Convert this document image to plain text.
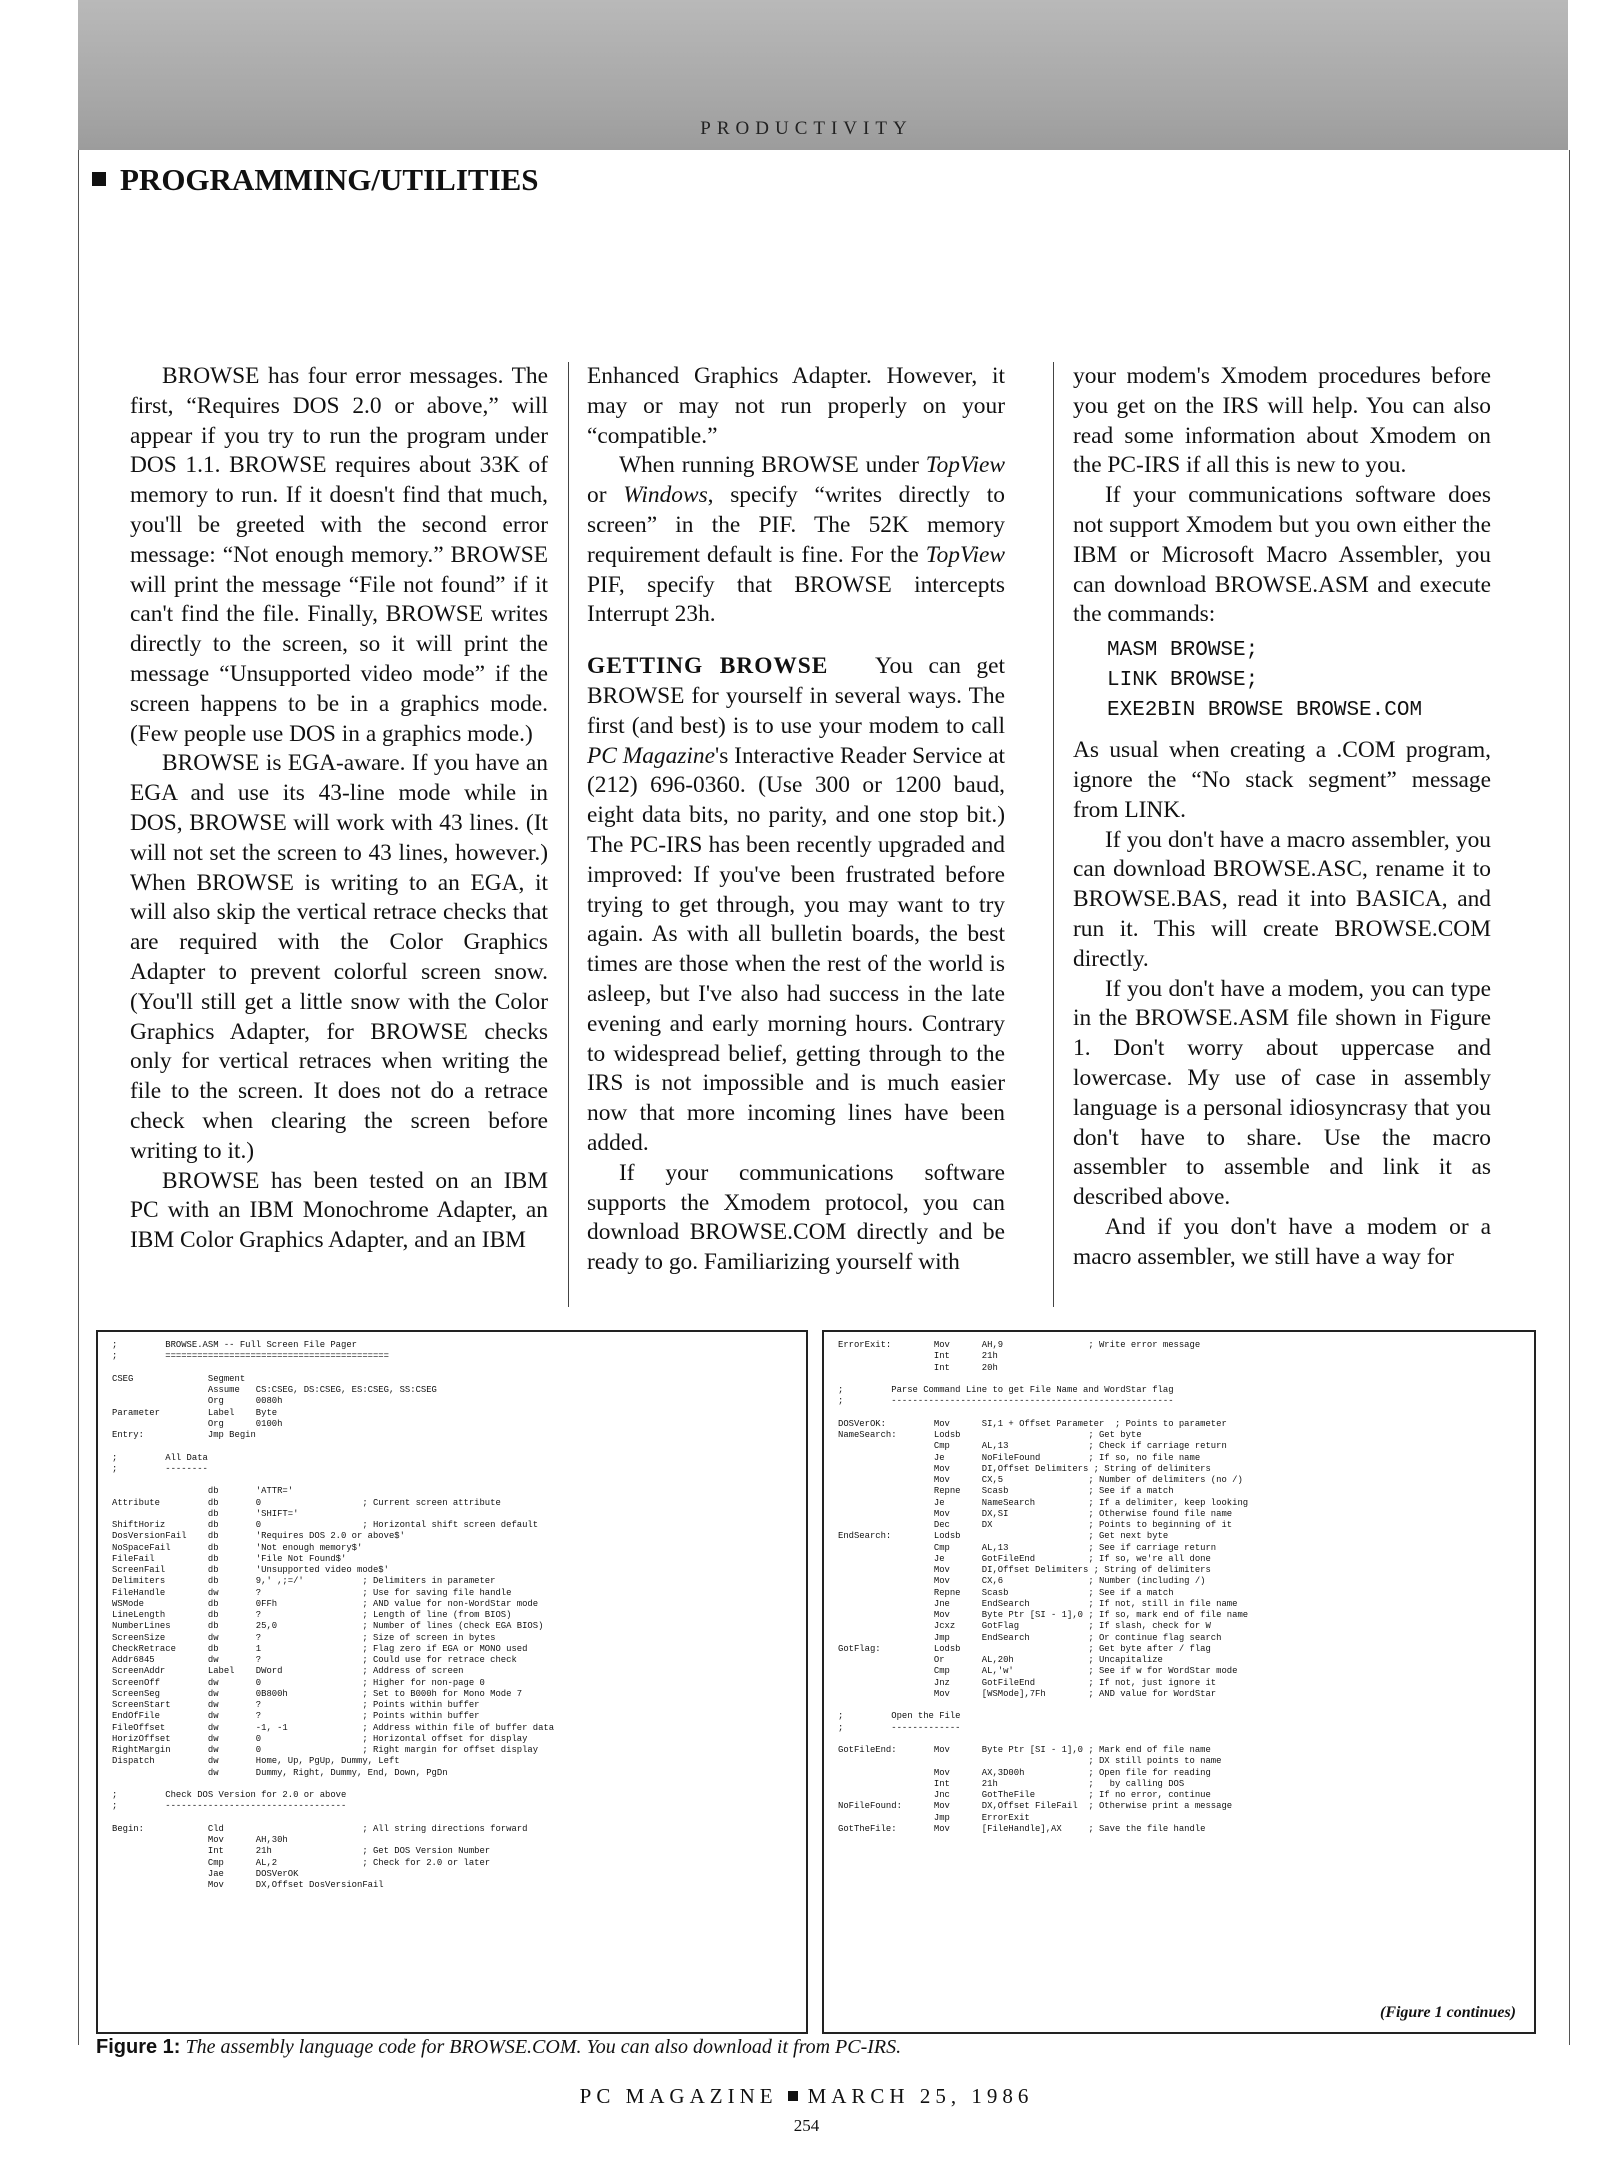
PRODUCTIVITY
PROGRAMMING/UTILITIES

BROWSE has four error messages. The first, “Requires DOS 2.0 or above,” will appear if you try to run the program under DOS 1.1. BROWSE requires about 33K of memory to run. If it doesn't find that much, you'll be greeted with the second error message: “Not enough memory.” BROWSE will print the message “File not found” if it can't find the file. Finally, BROWSE writes directly to the screen, so it will print the message “Unsupported video mode” if the screen happens to be in a graphics mode. (Few people use DOS in a graphics mode.)

BROWSE is EGA-aware. If you have an EGA and use its 43-line mode while in DOS, BROWSE will work with 43 lines. (It will not set the screen to 43 lines, however.) When BROWSE is writing to an EGA, it will also skip the vertical retrace checks that are required with the Color Graphics Adapter to prevent colorful screen snow. (You'll still get a little snow with the Color Graphics Adapter, for BROWSE checks only for vertical retraces when writing the file to the screen. It does not do a retrace check when clearing the screen before writing to it.)

BROWSE has been tested on an IBM PC with an IBM Monochrome Adapter, an IBM Color Graphics Adapter, and an IBM

Enhanced Graphics Adapter. However, it may or may not run properly on your “compatible.”

When running BROWSE under TopView or Windows, specify “writes directly to screen” in the PIF. The 52K memory requirement default is fine. For the TopView PIF, specify that BROWSE intercepts Interrupt 23h.

GETTING BROWSE You can get BROWSE for yourself in several ways. The first (and best) is to use your modem to call PC Magazine's Interactive Reader Service at (212) 696-0360. (Use 300 or 1200 baud, eight data bits, no parity, and one stop bit.) The PC-IRS has been recently upgraded and improved: If you've been frustrated before trying to get through, you may want to try again. As with all bulletin boards, the best times are those when the rest of the world is asleep, but I've also had success in the late evening and early morning hours. Contrary to widespread belief, getting through to the IRS is not impossible and is much easier now that more incoming lines have been added.

If your communications software supports the Xmodem protocol, you can download BROWSE.COM directly and be ready to go. Familiarizing yourself with

your modem's Xmodem procedures before you get on the IRS will help. You can also read some information about Xmodem on the PC-IRS if all this is new to you.

If your communications software does not support Xmodem but you own either the IBM or Microsoft Macro Assembler, you can download BROWSE.ASM and execute the commands:

MASM BROWSE;
LINK BROWSE;
EXE2BIN BROWSE BROWSE.COM

As usual when creating a .COM program, ignore the “No stack segment” message from LINK.

If you don't have a macro assembler, you can download BROWSE.ASC, rename it to BROWSE.BAS, read it into BASICA, and run it. This will create BROWSE.COM directly.

If you don't have a modem, you can type in the BROWSE.ASM file shown in Figure 1. Don't worry about uppercase and lowercase. My use of case in assembly language is a personal idiosyncrasy that you don't have to share. Use the macro assembler to assemble and link it as described above.

And if you don't have a modem or a macro assembler, we still have a way for

;         BROWSE.ASM -- Full Screen File Pager
;         ==========================================

CSEG              Segment
Assume   CS:CSEG, DS:CSEG, ES:CSEG, SS:CSEG
Org      0080h
Parameter         Label    Byte
Org      0100h
Entry:            Jmp Begin

;         All Data
;         --------

db       'ATTR='
Attribute         db       0                   ; Current screen attribute
db       'SHIFT='
ShiftHoriz        db       0                   ; Horizontal shift screen default
DosVersionFail    db       'Requires DOS 2.0 or above$'
NoSpaceFail       db       'Not enough memory$'
FileFail          db       'File Not Found$'
ScreenFail        db       'Unsupported video mode$'
Delimiters        db       9,' ,;=/'           ; Delimiters in parameter
FileHandle        dw       ?                   ; Use for saving file handle
WSMode            db       0FFh                ; AND value for non-WordStar mode
LineLength        db       ?                   ; Length of line (from BIOS)
NumberLines       db       25,0                ; Number of lines (check EGA BIOS)
ScreenSize        dw       ?                   ; Size of screen in bytes
CheckRetrace      db       1                   ; Flag zero if EGA or MONO used
Addr6845          dw       ?                   ; Could use for retrace check
ScreenAddr        Label    DWord               ; Address of screen
ScreenOff         dw       0                   ; Higher for non-page 0
ScreenSeg         dw       0B800h              ; Set to B000h for Mono Mode 7
ScreenStart       dw       ?                   ; Points within buffer
EndOfFile         dw       ?                   ; Points within buffer
FileOffset        dw       -1, -1              ; Address within file of buffer data
HorizOffset       dw       0                   ; Horizontal offset for display
RightMargin       dw       0                   ; Right margin for offset display
Dispatch          dw       Home, Up, PgUp, Dummy, Left
dw       Dummy, Right, Dummy, End, Down, PgDn

;         Check DOS Version for 2.0 or above
;         ----------------------------------

Begin:            Cld                          ; All string directions forward
Mov      AH,30h
Int      21h                 ; Get DOS Version Number
Cmp      AL,2                ; Check for 2.0 or later
Jae      DOSVerOK
Mov      DX,Offset DosVersionFail
ErrorExit:        Mov      AH,9                ; Write error message
Int      21h
Int      20h

;         Parse Command Line to get File Name and WordStar flag
;         -----------------------------------------------------

DOSVerOK:         Mov      SI,1 + Offset Parameter  ; Points to parameter
NameSearch:       Lodsb                        ; Get byte
Cmp      AL,13               ; Check if carriage return
Je       NoFileFound         ; If so, no file name
Mov      DI,Offset Delimiters ; String of delimiters
Mov      CX,5                ; Number of delimiters (no /)
Repne    Scasb               ; See if a match
Je       NameSearch          ; If a delimiter, keep looking
Mov      DX,SI               ; Otherwise found file name
Dec      DX                  ; Points to beginning of it
EndSearch:        Lodsb                        ; Get next byte
Cmp      AL,13               ; See if carriage return
Je       GotFileEnd          ; If so, we're all done
Mov      DI,Offset Delimiters ; String of delimiters
Mov      CX,6                ; Number (including /)
Repne    Scasb               ; See if a match
Jne      EndSearch           ; If not, still in file name
Mov      Byte Ptr [SI - 1],0 ; If so, mark end of file name
Jcxz     GotFlag             ; If slash, check for W
Jmp      EndSearch           ; Or continue flag search
GotFlag:          Lodsb                        ; Get byte after / flag
Or       AL,20h              ; Uncapitalize
Cmp      AL,'w'              ; See if w for WordStar mode
Jnz      GotFileEnd          ; If not, just ignore it
Mov      [WSMode],7Fh        ; AND value for WordStar

;         Open the File
;         -------------

GotFileEnd:       Mov      Byte Ptr [SI - 1],0 ; Mark end of file name
; DX still points to name
Mov      AX,3D00h            ; Open file for reading
Int      21h                 ;   by calling DOS
Jnc      GotTheFile          ; If no error, continue
NoFileFound:      Mov      DX,Offset FileFail  ; Otherwise print a message
Jmp      ErrorExit
GotTheFile:       Mov      [FileHandle],AX     ; Save the file handle
(Figure 1 continues)
Figure 1: The assembly language code for BROWSE.COM. You can also download it from PC-IRS.
PC MAGAZINE MARCH 25, 1986
254
